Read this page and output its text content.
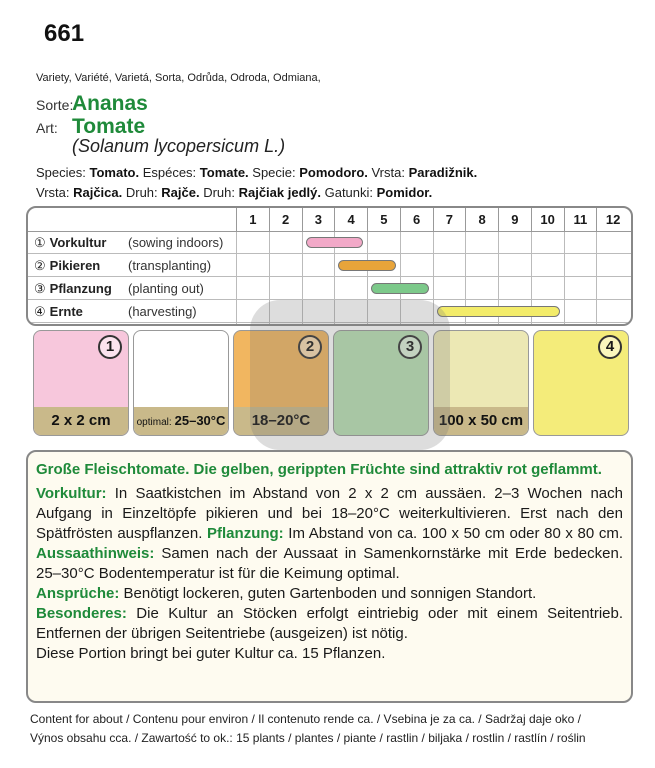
661
Variety, Variété, Varietá, Sorta, Odrůda, Odroda, Odmiana,
Sorte:
Ananas
Art: Tomate
(Solanum lycopersicum L.)
Species: Tomato. Espéces: Tomate. Specie: Pomodoro. Vrsta: Paradižnik.
Vrsta: Rajčica. Druh: Rajče. Druh: Rajčiak jedlý. Gatunki: Pomidor.
1	2	3	4	5	6	7	8	9	10	11	12
① Vorkultur (sowing indoors)
② Pikieren (transplanting)
③ Pflanzung (planting out)
④ Ernte	(harvesting)
1
2 x 2 cm	optimal: 25–30°C
2
18–20°C
3
100 x 50 cm
4
Große Fleischtomate. Die gelben, gerippten Früchte sind attraktiv rot geflammt.

Vorkultur: In Saatkistchen im Abstand von 2 x 2 cm aussäen. 2–3 Wochen nach Aufgang in Einzeltöpfe pikieren und bei 18–20°C weiterkultivieren. Erst nach den Spätfrösten auspflanzen. Pflanzung: Im Abstand von ca. 100 x 50 cm oder 80 x 80 cm. Aussaathinweis: Samen nach der Aussaat in Samenkornstärke mit Erde bedecken. 25–30°C Bodentemperatur ist für die Keimung optimal.

Ansprüche: Benötigt lockeren, guten Gartenboden und sonnigen Standort.

Besonderes: Die Kultur an Stöcken erfolgt eintriebig oder mit einem Seitentrieb. Entfernen der übrigen Seitentriebe (ausgeizen) ist nötig.

Diese Portion bringt bei guter Kultur ca. 15 Pflanzen.

Content for about / Contenu pour environ / Il contenuto rende ca. / Vsebina je za ca. / Sadržaj daje oko /
Výnos obsahu cca. / Zawartość to ok.: 15 plants / plantes / piante / rastlin / biljaka / rostlin / rastlín / roślin
